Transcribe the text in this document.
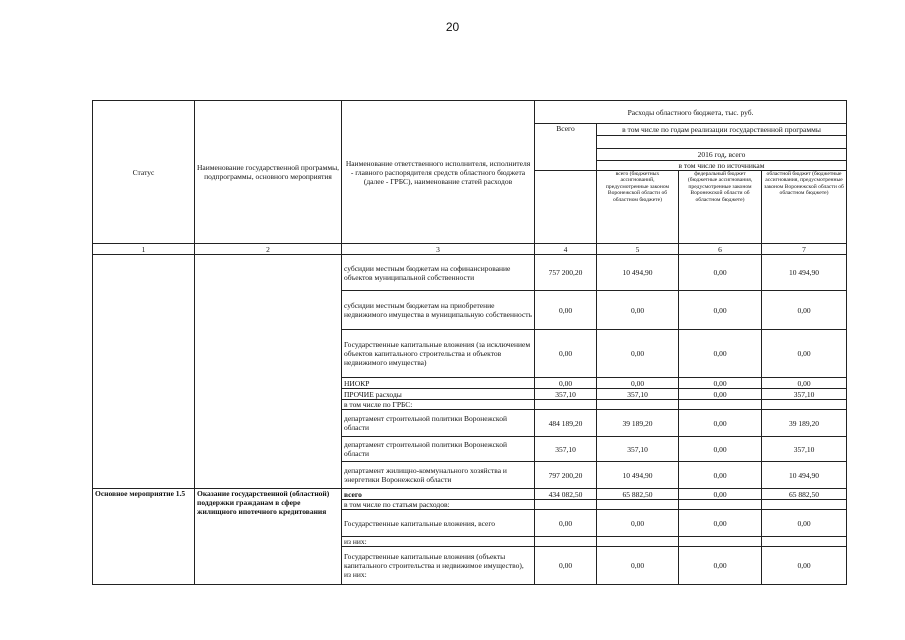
20
Статус	Наименование государственной программы, подпрограммы, основного мероприятия	Наименование ответственного исполнителя, исполнителя - главного распорядителя средств областного бюджета (далее - ГРБС), наименование статей расходов	Расходы областного бюджета, тыс. руб.			
			Всего	в том числе по годам реализации государственной программы		

				2016 год, всего		
				в том числе по источникам		
				всего (бюджетных ассигнований, предусмотренные законом Воронежской области об областном бюджете)	федеральный бюджет (бюджетные ассигнования, предусмотренные законом Воронежской области об областном бюджете)	областной бюджет (бюджетные ассигнования, предусмотренные законом Воронежской области об областном бюджете)
1	2	3	4	5	6	7
		субсидии местным бюджетам на софинансирование объектов муниципальной собственности	757 200,20	10 494,90	0,00	10 494,90
		субсидии местным бюджетам на приобретение недвижимого имущества в муниципальную собственность	0,00	0,00	0,00	0,00
		Государственные капитальные вложения (за исключением объектов капитального строительства и объектов недвижимого имущества)	0,00	0,00	0,00	0,00
		НИОКР	0,00	0,00	0,00	0,00
		ПРОЧИЕ расходы	357,10	357,10	0,00	357,10
		в том числе по ГРБС:				
		департамент строительной политики Воронежской области	484 189,20	39 189,20	0,00	39 189,20
		департамент строительной политики Воронежской области	357,10	357,10	0,00	357,10
		департамент жилищно-коммунального хозяйства и энергетики Воронежской области	797 200,20	10 494,90	0,00	10 494,90
Основное мероприятие 1.5	Оказание государственной (областной) поддержки гражданам в сфере жилищного ипотечного кредитования	всего	434 082,50	65 882,50	0,00	65 882,50
		в том числе по статьям расходов:				
		Государственные капитальные вложения, всего	0,00	0,00	0,00	0,00
		из них:				
		Государственные капитальные вложения (объекты капитального строительства и недвижимое имущество), из них:	0,00	0,00	0,00	0,00
